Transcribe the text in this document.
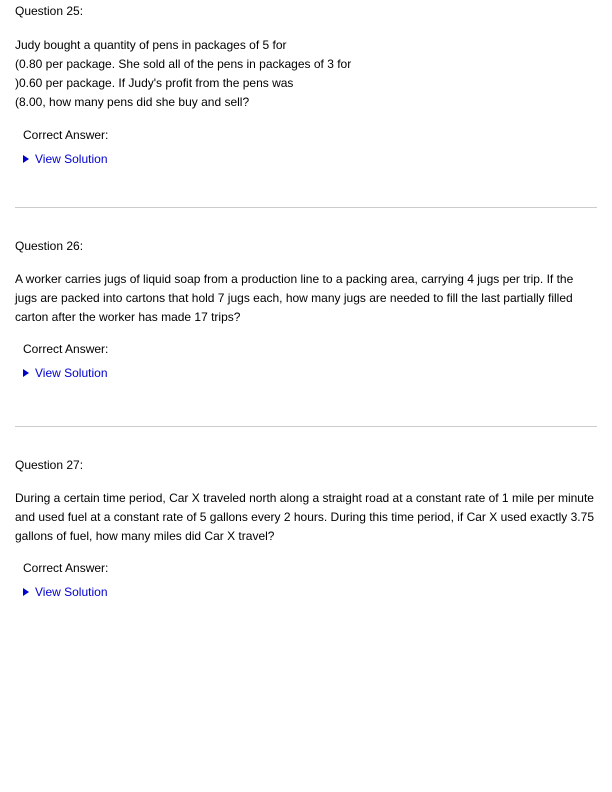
Question 25:

Judy bought a quantity of pens in packages of 5 for
(0.80 per package. She sold all of the pens in packages of 3 for
)0.60 per package. If Judy's profit from the pens was
(8.00, how many pens did she buy and sell?

Correct Answer:

View Solution

Question 26:

A worker carries jugs of liquid soap from a production line to a packing area, carrying 4 jugs per trip. If the
jugs are packed into cartons that hold 7 jugs each, how many jugs are needed to fill the last partially filled
carton after the worker has made 17 trips?

Correct Answer:

View Solution

Question 27:

During a certain time period, Car X traveled north along a straight road at a constant rate of 1 mile per minute
and used fuel at a constant rate of 5 gallons every 2 hours. During this time period, if Car X used exactly 3.75
gallons of fuel, how many miles did Car X travel?

Correct Answer:

View Solution
